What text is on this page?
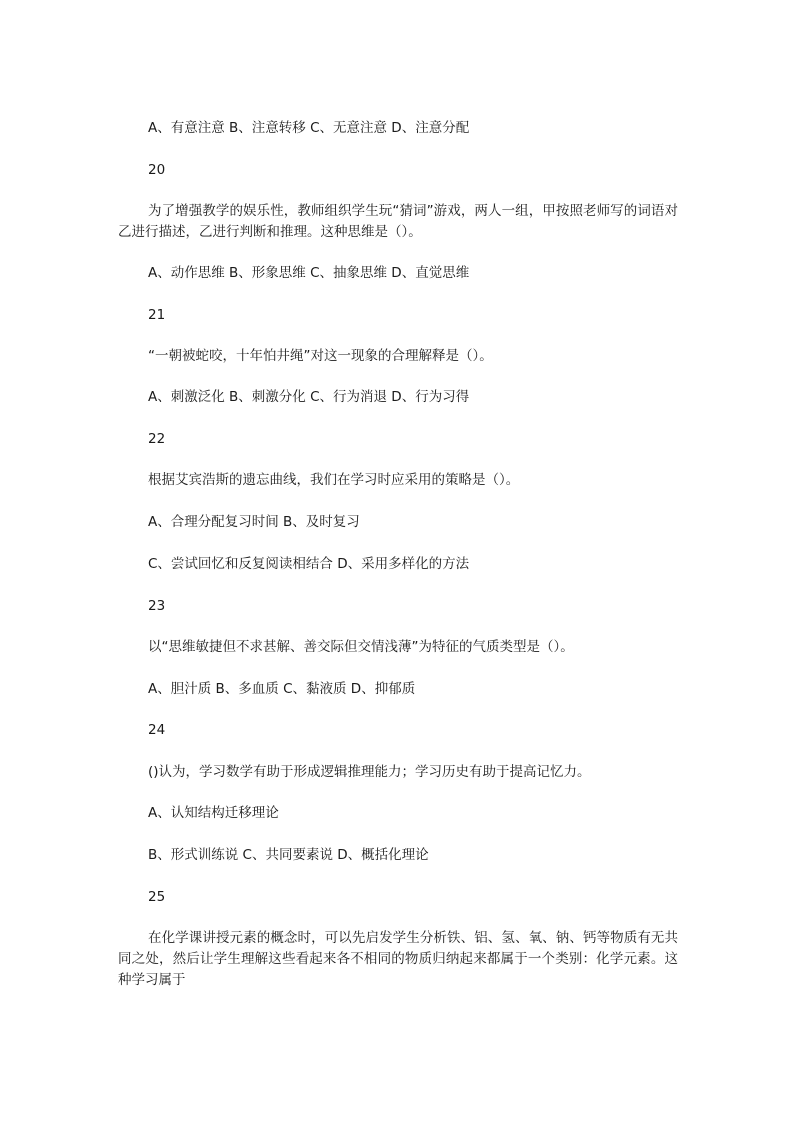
A、有意注意 B、注意转移 C、无意注意 D、注意分配
20
为了增强教学的娱乐性，教师组织学生玩“猜词”游戏，两人一组，甲按照老师写的词语对乙进行描述，乙进行判断和推理。这种思维是（）。
A、动作思维 B、形象思维 C、抽象思维 D、直觉思维
21
“一朝被蛇咬，十年怕井绳”对这一现象的合理解释是（）。
A、刺激泛化 B、刺激分化 C、行为消退 D、行为习得
22
根据艾宾浩斯的遗忘曲线，我们在学习时应采用的策略是（）。
A、合理分配复习时间 B、及时复习
C、尝试回忆和反复阅读相结合 D、采用多样化的方法
23
以“思维敏捷但不求甚解、善交际但交情浅薄”为特征的气质类型是（）。
A、胆汁质 B、多血质 C、黏液质 D、抑郁质
24
()认为，学习数学有助于形成逻辑推理能力；学习历史有助于提高记忆力。
A、认知结构迁移理论
B、形式训练说 C、共同要素说 D、概括化理论
25
在化学课讲授元素的概念时，可以先启发学生分析铁、铝、氢、氧、钠、钙等物质有无共同之处，然后让学生理解这些看起来各不相同的物质归纳起来都属于一个类别：化学元素。这种学习属于
